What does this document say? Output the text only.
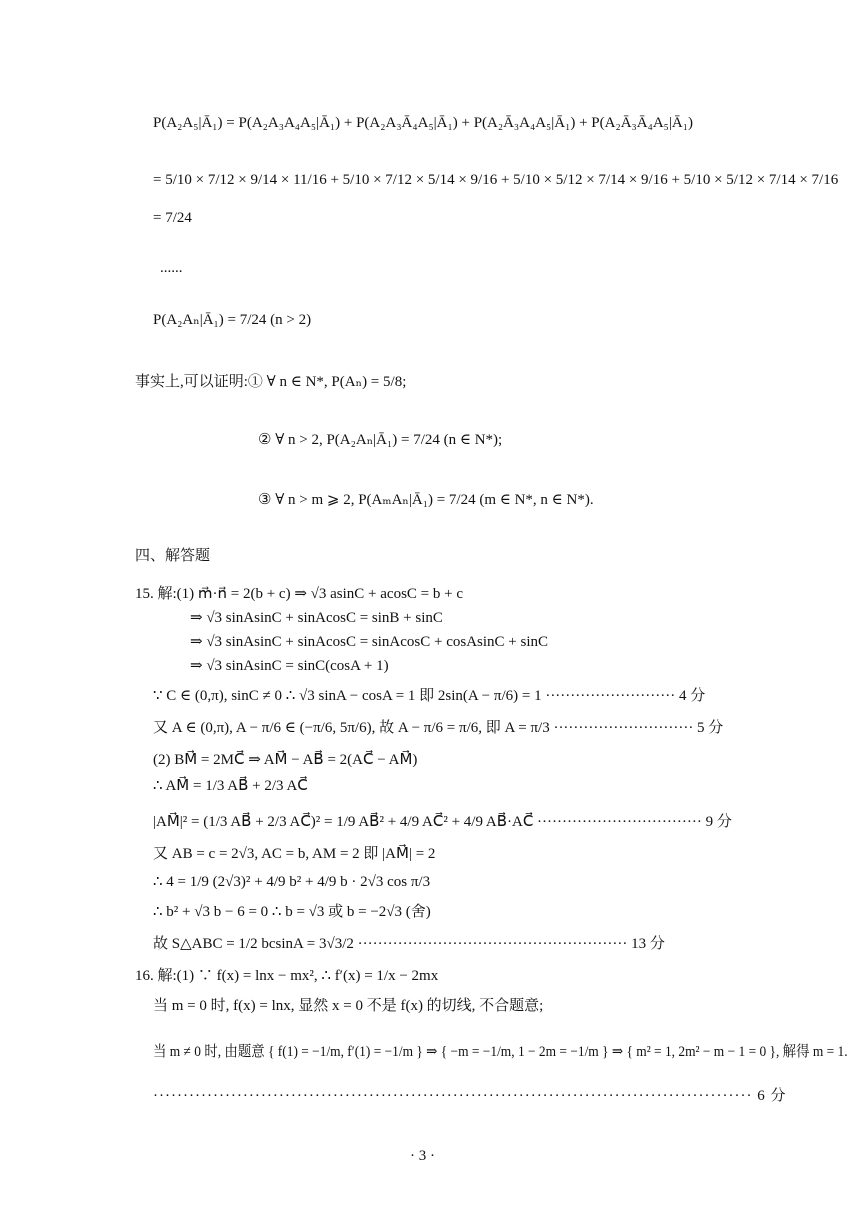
P(A₂A₅|Ā₁) = P(A₂A₃A₄A₅|Ā₁) + P(A₂A₃Ā₄A₅|Ā₁) + P(A₂Ā₃A₄A₅|Ā₁) + P(A₂Ā₃Ā₄A₅|Ā₁)
= 5/10 × 7/12 × 9/14 × 11/16 + 5/10 × 7/12 × 5/14 × 9/16 + 5/10 × 5/12 × 7/14 × 9/16 + 5/10 × 5/12 × 7/14 × 7/16
= 7/24
......
P(A₂Aₙ|Ā₁) = 7/24 (n > 2)
事实上,可以证明:① ∀ n ∈ N*, P(Aₙ) = 5/8;
② ∀ n > 2, P(A₂Aₙ|Ā₁) = 7/24 (n ∈ N*);
③ ∀ n > m ⩾ 2, P(AₘAₙ|Ā₁) = 7/24 (m ∈ N*, n ∈ N*).
四、解答题
15. 解:(1) m⃗·n⃗ = 2(b + c) ⇒ √3 asinC + acosC = b + c
⇒ √3 sinAsinC + sinAcosC = sinB + sinC
⇒ √3 sinAsinC + sinAcosC = sinAcosC + cosAsinC + sinC
⇒ √3 sinAsinC = sinC(cosA + 1)
∵ C ∈ (0,π), sinC ≠ 0 ∴ √3 sinA − cosA = 1 即 2sin(A − π/6) = 1 ·························· 4 分
又 A ∈ (0,π), A − π/6 ∈ (−π/6, 5π/6), 故 A − π/6 = π/6, 即 A = π/3 ···························· 5 分
(2) BM⃗ = 2MC⃗ ⇒ AM⃗ − AB⃗ = 2(AC⃗ − AM⃗)
∴ AM⃗ = 1/3 AB⃗ + 2/3 AC⃗
|AM⃗|² = (1/3 AB⃗ + 2/3 AC⃗)² = 1/9 AB⃗² + 4/9 AC⃗² + 4/9 AB⃗·AC⃗ ································· 9 分
又 AB = c = 2√3, AC = b, AM = 2 即 |AM⃗| = 2
∴ 4 = 1/9 (2√3)² + 4/9 b² + 4/9 b · 2√3 cos π/3
∴ b² + √3 b − 6 = 0 ∴ b = √3 或 b = −2√3 (舍)
故 S△ABC = 1/2 bcsinA = 3√3/2 ······················································ 13 分
16. 解:(1) ∵ f(x) = lnx − mx², ∴ f′(x) = 1/x − 2mx
当 m = 0 时, f(x) = lnx, 显然 x = 0 不是 f(x) 的切线, 不合题意;
当 m ≠ 0 时, 由题意 { f(1) = −1/m, f′(1) = −1/m } ⇒ { −m = −1/m, 1 − 2m = −1/m } ⇒ { m² = 1, 2m² − m − 1 = 0 }, 解得 m = 1.
···································································································· 6 分
· 3 ·
